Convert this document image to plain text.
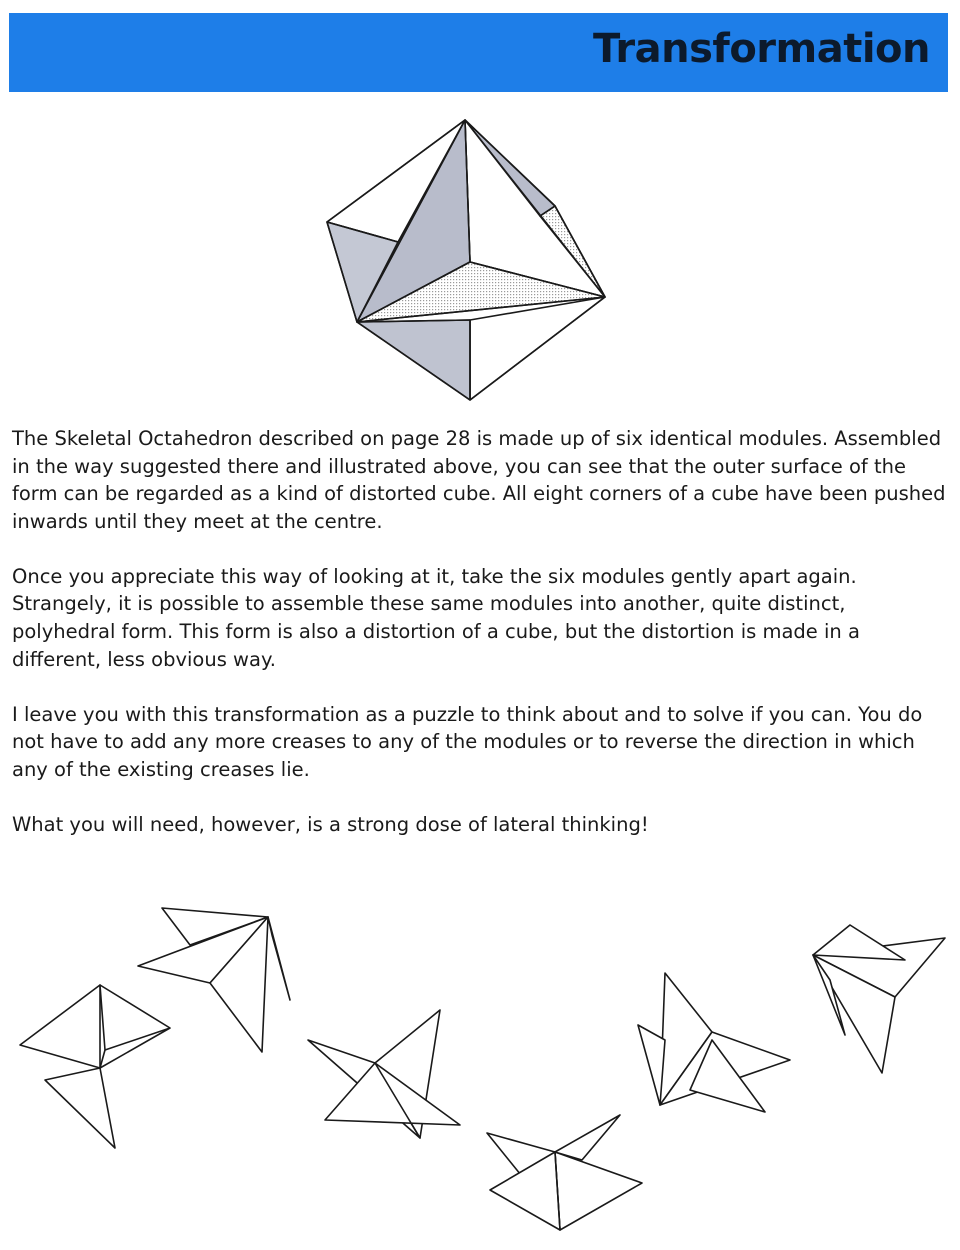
Transformation

The Skeletal Octahedron described on page 28 is made up of six identical modules. Assembled in the way suggested there and illustrated above, you can see that the outer surface of the form can be regarded as a kind of distorted cube. All eight corners of a cube have been pushed inwards until they meet at the centre.

Once you appreciate this way of looking at it, take the six modules gently apart again. Strangely, it is possible to assemble these same modules into another, quite distinct, polyhedral form. This form is also a distortion of a cube, but the distortion is made in a different, less obvious way.

I leave you with this transformation as a puzzle to think about and to solve if you can. You do not have to add any more creases to any of the modules or to reverse the direction in which any of the existing creases lie.

What you will need, however, is a strong dose of lateral thinking!
